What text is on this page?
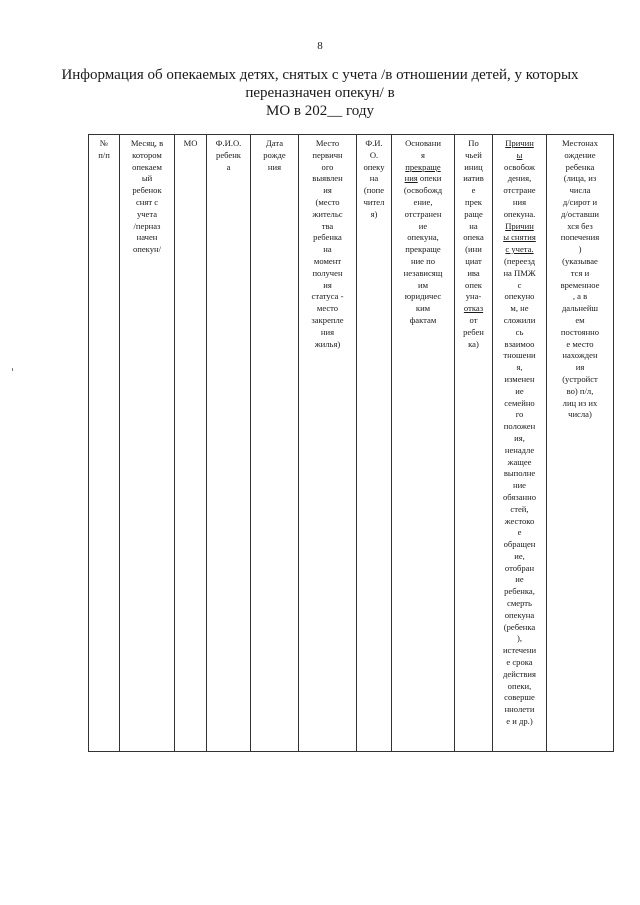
8
Информация об опекаемых детях, снятых с учета /в отношении детей, у которых
переназначен опекун/ в
МО в 202__ году
№
п/п	Месяц, в
котором
опекаем
ый
ребенок
снят с
учета
/перназ
начен
опекун/	МО	Ф.И.О.
ребенк
а	Дата
рожде
ния	Место
первичн
ого
выявлен
ия
(место
жительс
тва
ребенка
на
момент
получен
ия
статуса -
место
закрепле
ния
жилья)	Ф.И.
О.
опеку
на
(попе
чител
я)	Основани
я
прекраще
ния опеки
(освобожд
ение,
отстранен
ие
опекуна,
прекраще
ние по
независящ
им
юридичес
ким
фактам	По
чьей
иниц
иатив
е
прек
раще
на
опека
(ини
циат
ива
опек
уна-
отказ
от
ребен
ка)	Причин
ы
освобож
дения,
отстране
ния
опекуна.
Причин
ы снятия
с учета.
(переезд
на ПМЖ
с
опекуно
м, не
сложили
сь
взаимоо
тношени
я,
изменен
ие
семейно
го
положен
ия,
ненадле
жащее
выполне
ние
обязанно
стей,
жестоко
е
обращен
ие,
отобран
ие
ребенка,
смерть
опекуна
(ребенка
),
истечени
е срока
действия
опеки,
соверше
ннолети
е и др.)	Местонах
ождение
ребенка
(лица, из
числа
д/сирот и
д/оставши
хся без
попечения
)
(указывае
тся и
временное
, а в
дальнейш
ем
постоянно
е место
нахожден
ия
(устройст
во) п/л,
лиц из их
числа)
